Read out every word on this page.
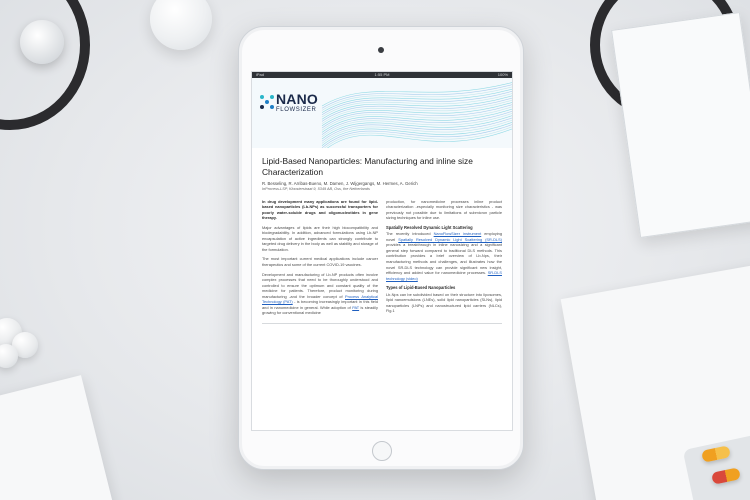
iPad	1:55 PM	100%
NANO
FLOWSIZER
Lipid-Based Nanoparticles: Manufacturing and inline size Characterization
R. Besseling, R. Arribas-Bueno, M. Damen, J. Wijgergangs, M. Hermes, A. Gerich
InProcess-LSP, Kloosterstraat 9, 5349 AB, Oss, the Netherlands

In drug development many applications are found for lipid-based nanoparticles (Lb-NPs) as successful transporters for poorly water-soluble drugs and oligonucleotides in gene therapy.

Major advantages of lipids are their high biocompatibility and biodegradability. In addition, advanced formulations using Lb-NP encapsulation of active ingredients can strongly contribute to targeted drug delivery in the body as well as stability and storage of the formulation.

The most important current medical applications include cancer therapeutics and some of the current COVID-19 vaccines.

Development and manufacturing of Lb-NP products often involve complex processes that need to be thoroughly understood and controlled to ensure the optimum and constant quality of the medicine for patients. Therefore, product monitoring during manufacturing -and the broader concept of Process Analytical Technology (PAT) - is becoming increasingly important in this field and in nanomedicine in general. While adoption of PAT is steadily growing for conventional medicine

production, for nanomedicine processes inline product characterization -especially monitoring size characteristics - was previously not possible due to limitations of submicron particle sizing techniques for inline use.

Spatially Resolved Dynamic Light Scattering

The recently introduced NanoFlowSizer instrument employing novel Spatially Resolved Dynamic Light Scattering (SR-DLS) provides a breakthrough in inline nanosizing and a significant general step forward compared to traditional DLS methods. This contribution provides a brief overview of Lb-Nps, their manufacturing methods and challenges, and illustrates how the novel SR-DLS technology can provide significant new insight, efficiency and added value for nanomedicine processes. SR-DLS technology (video)

Types of Lipid-Based Nanoparticles

Lb-Nps can be subdivided based on their structure into liposomes, lipid nanoemulsions (LNEs), solid lipid nanoparticles (SLNs), lipid nanoparticles (LNPs) and nanostructured lipid carriers (NLCs), Fig.1
